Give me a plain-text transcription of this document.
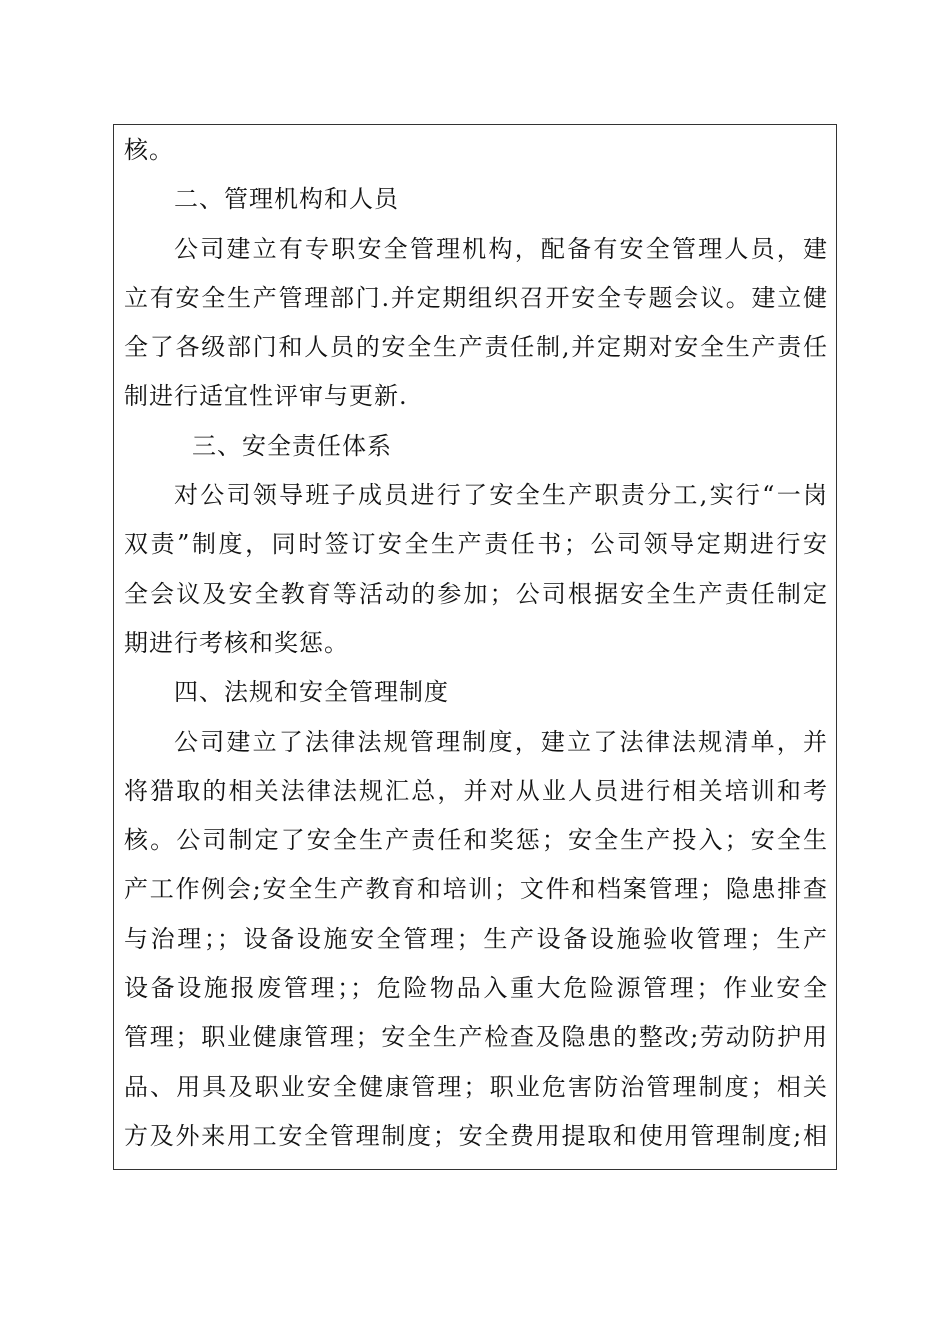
核。
二、管理机构和人员
公司建立有专职安全管理机构，配备有安全管理人员，建
立有安全生产管理部门.并定期组织召开安全专题会议。建立健
全了各级部门和人员的安全生产责任制,并定期对安全生产责任
制进行适宜性评审与更新.
三、安全责任体系
对公司领导班子成员进行了安全生产职责分工,实行“一岗
双责”制度，同时签订安全生产责任书；公司领导定期进行安
全会议及安全教育等活动的参加；公司根据安全生产责任制定
期进行考核和奖惩。
四、法规和安全管理制度
公司建立了法律法规管理制度，建立了法律法规清单，并
将猎取的相关法律法规汇总，并对从业人员进行相关培训和考
核。公司制定了安全生产责任和奖惩；安全生产投入；安全生
产工作例会;安全生产教育和培训；文件和档案管理；隐患排查
与治理；；设备设施安全管理；生产设备设施验收管理；生产
设备设施报废管理；；危险物品入重大危险源管理；作业安全
管理；职业健康管理；安全生产检查及隐患的整改;劳动防护用
品、用具及职业安全健康管理；职业危害防治管理制度；相关
方及外来用工安全管理制度；安全费用提取和使用管理制度;相
